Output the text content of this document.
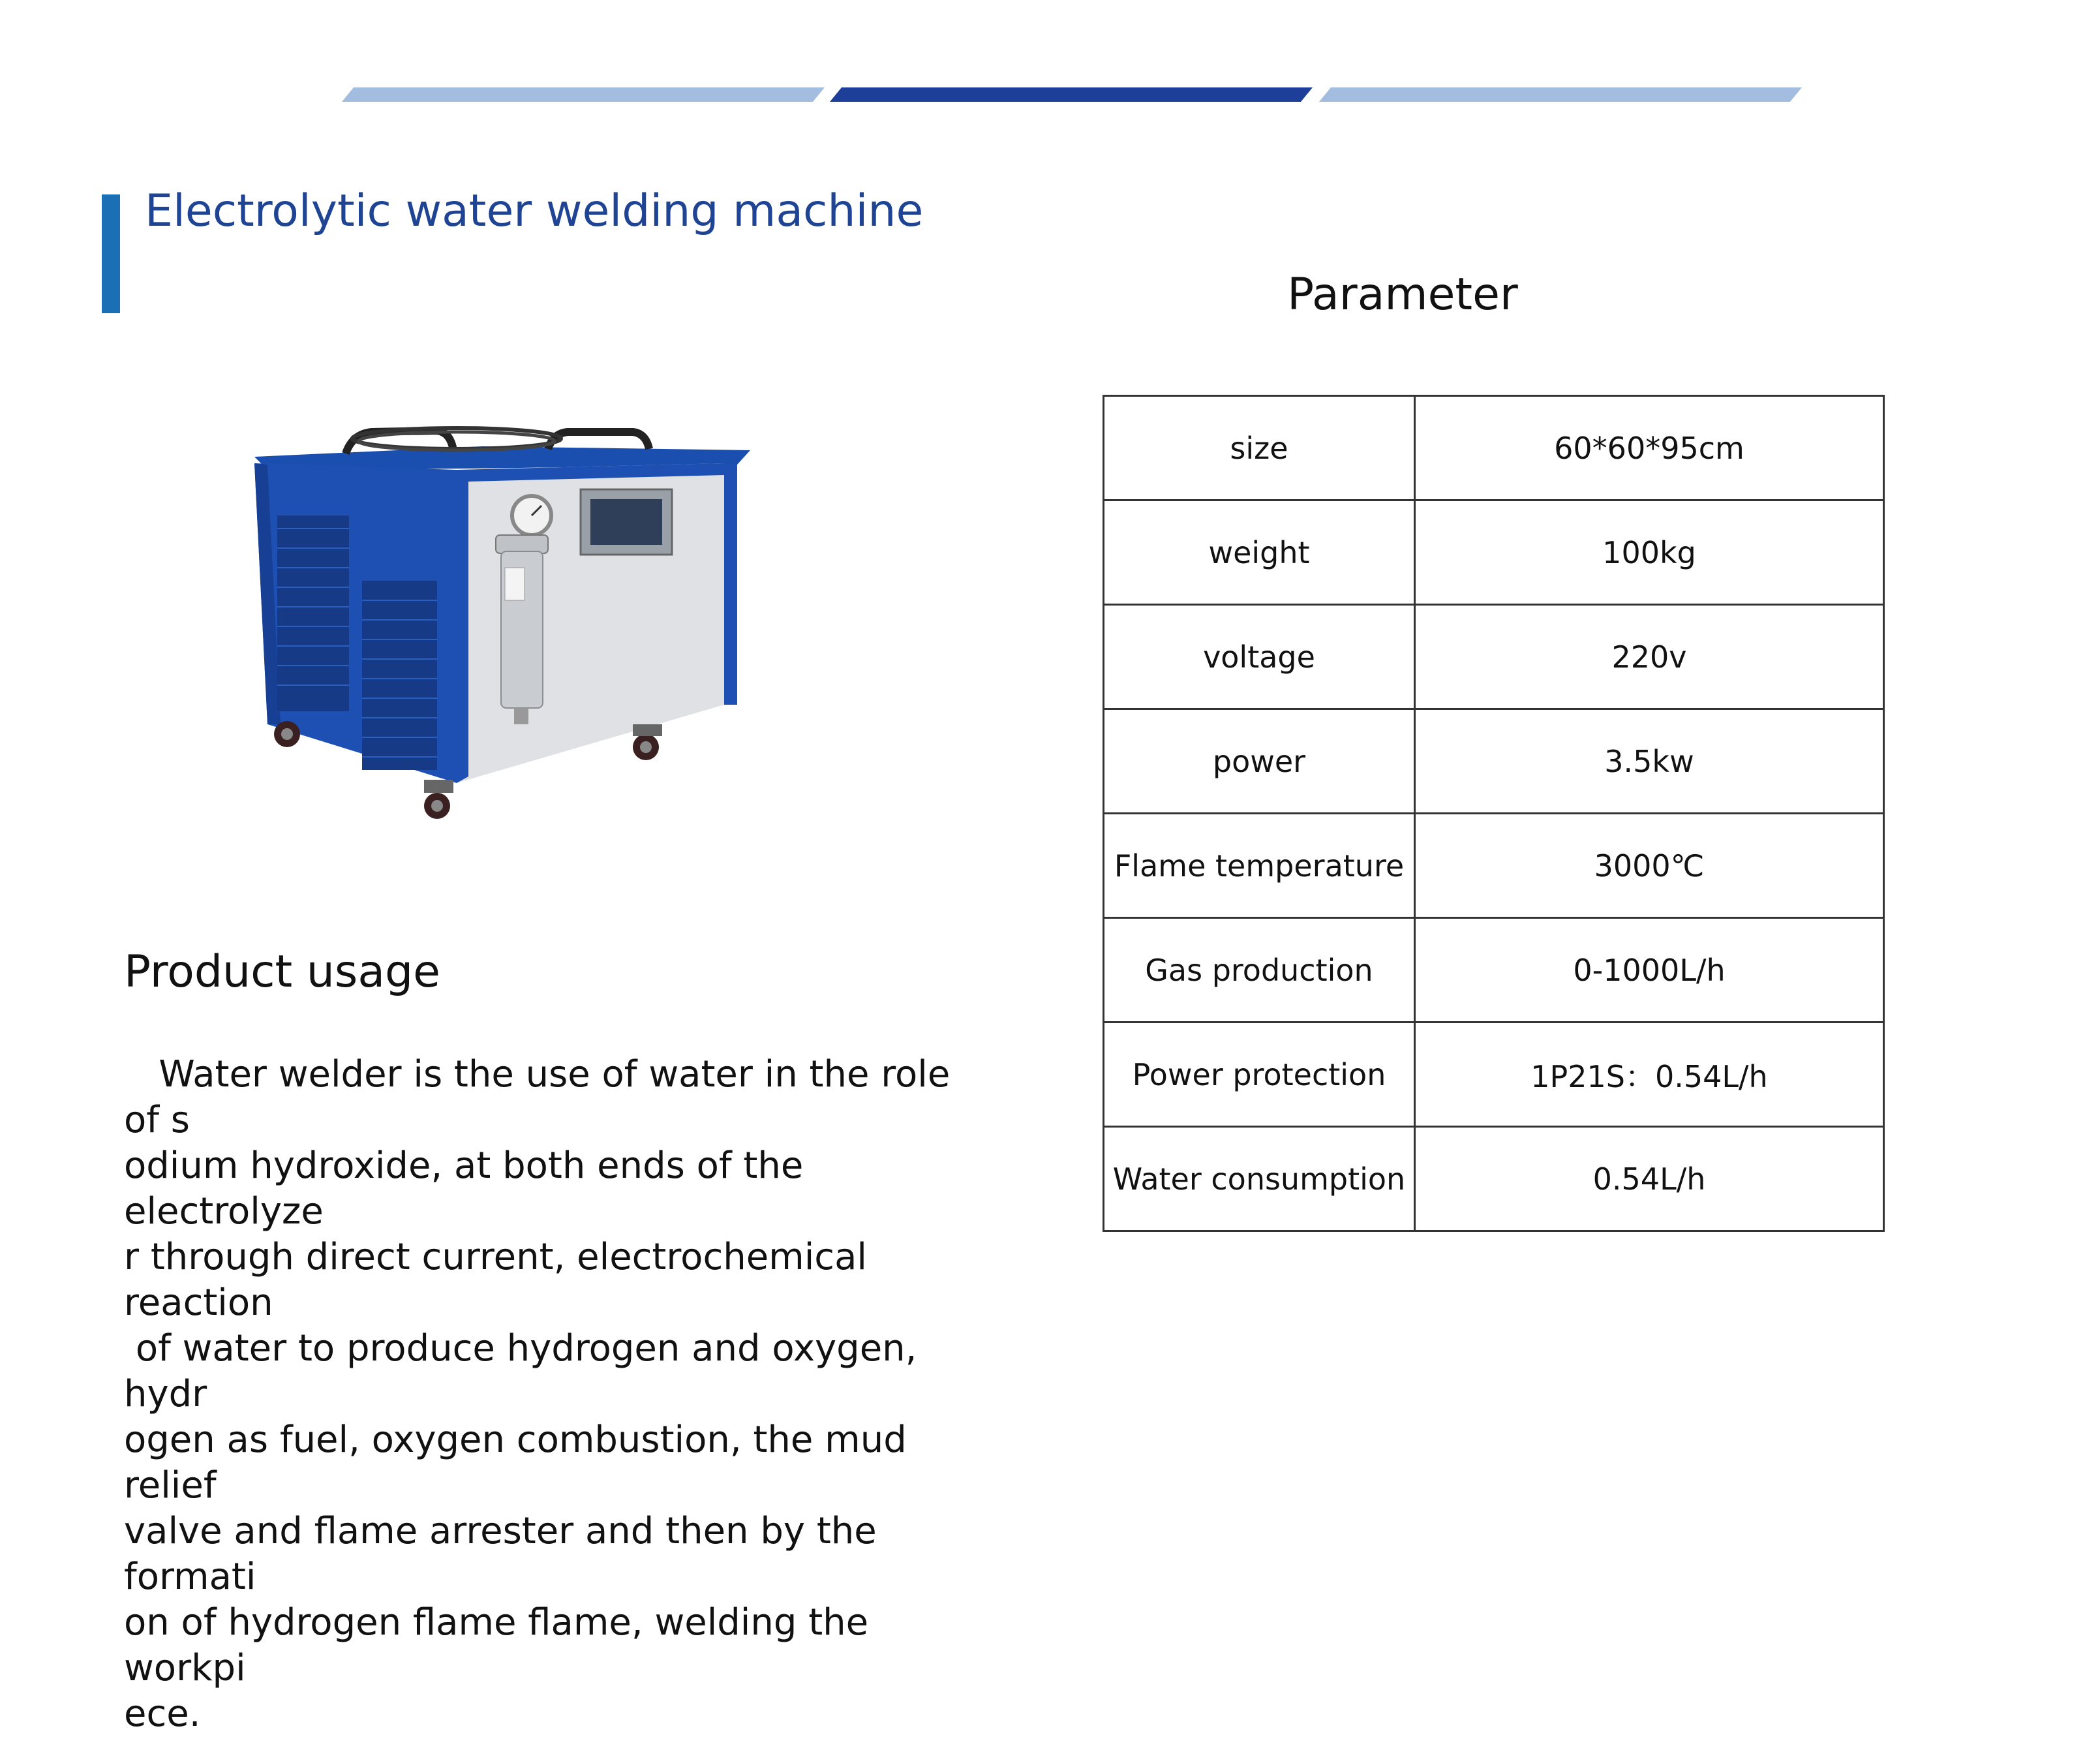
Electrolytic water welding machine
Product usage
Water welder is the use of water in the role of s
odium hydroxide, at both ends of the electrolyze
r through direct current, electrochemical reaction
of water to produce hydrogen and oxygen, hydr
ogen as fuel, oxygen combustion, the mud relief
valve and flame arrester and then by the formati
on of hydrogen flame flame, welding the workpi
ece.
Parameter
size	60*60*95cm
weight	100kg
voltage	220v
power	3.5kw
Flame temperature	3000℃
Gas production	0-1000L/h
Power protection	1P21S：0.54L/h
Water consumption	0.54L/h
